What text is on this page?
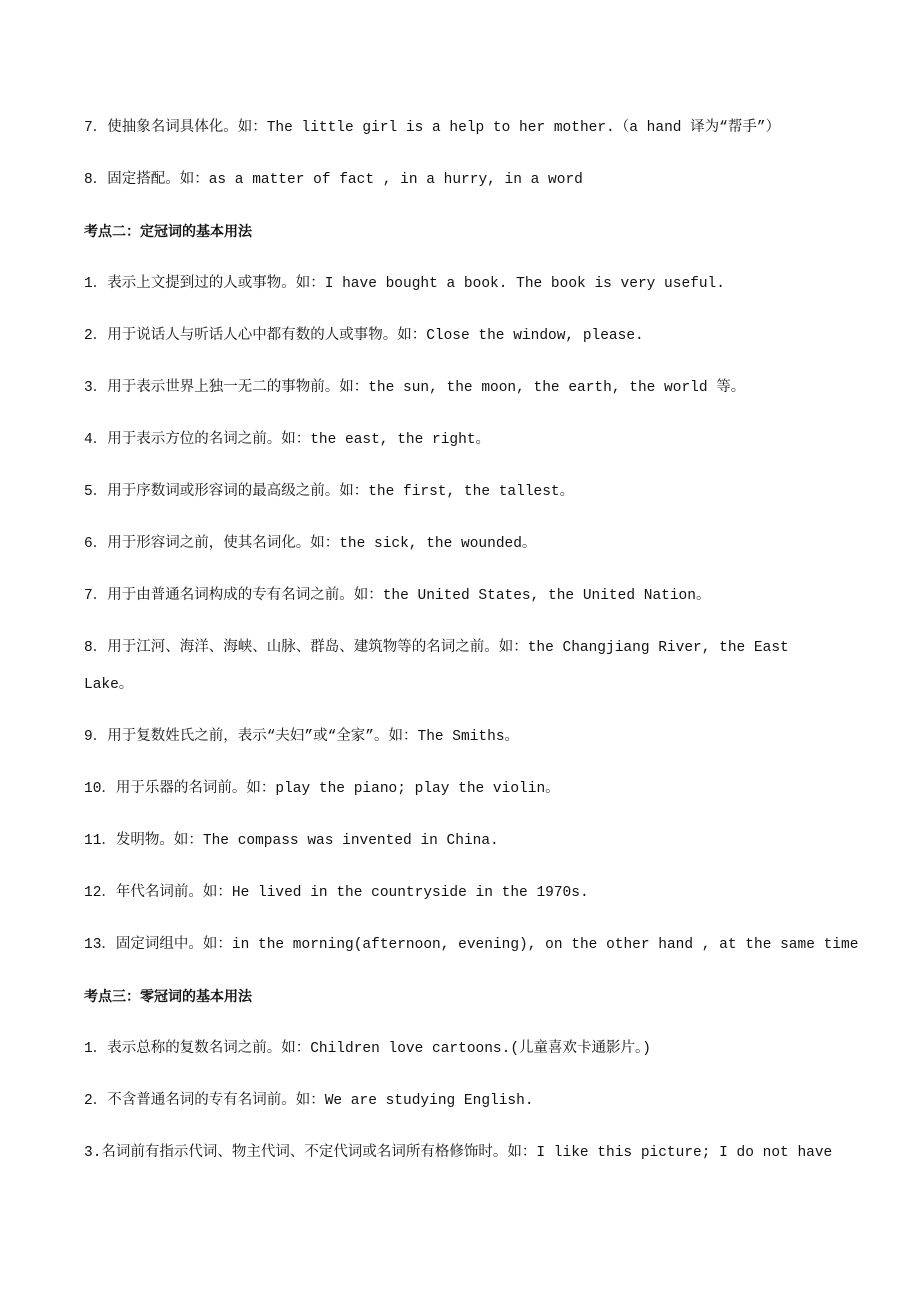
7．使抽象名词具体化。如：The little girl is a help to her mother.（a hand 译为“帮手”）

8．固定搭配。如：as a matter of fact , in a hurry, in a word

考点二：定冠词的基本用法

1．表示上文提到过的人或事物。如：I have bought a book. The book is very useful.

2．用于说话人与听话人心中都有数的人或事物。如：Close the window, please.

3．用于表示世界上独一无二的事物前。如：the sun, the moon, the earth, the world 等。

4．用于表示方位的名词之前。如：the east, the right。

5．用于序数词或形容词的最高级之前。如：the first, the tallest。

6．用于形容词之前，使其名词化。如：the sick, the wounded。

7．用于由普通名词构成的专有名词之前。如：the United States, the United Nation。

8．用于江河、海洋、海峡、山脉、群岛、建筑物等的名词之前。如：the Changjiang River, the East
Lake。

9．用于复数姓氏之前，表示“夫妇”或“全家”。如：The Smiths。

10．用于乐器的名词前。如：play the piano; play the violin。

11．发明物。如：The compass was invented in China.

12．年代名词前。如：He lived in the countryside in the 1970s.

13．固定词组中。如：in the morning(afternoon, evening), on the other hand , at the same time

考点三：零冠词的基本用法

1．表示总称的复数名词之前。如：Children love cartoons.(儿童喜欢卡通影片。)

2．不含普通名词的专有名词前。如：We are studying English.

3.名词前有指示代词、物主代词、不定代词或名词所有格修饰时。如：I like this picture; I do not have
